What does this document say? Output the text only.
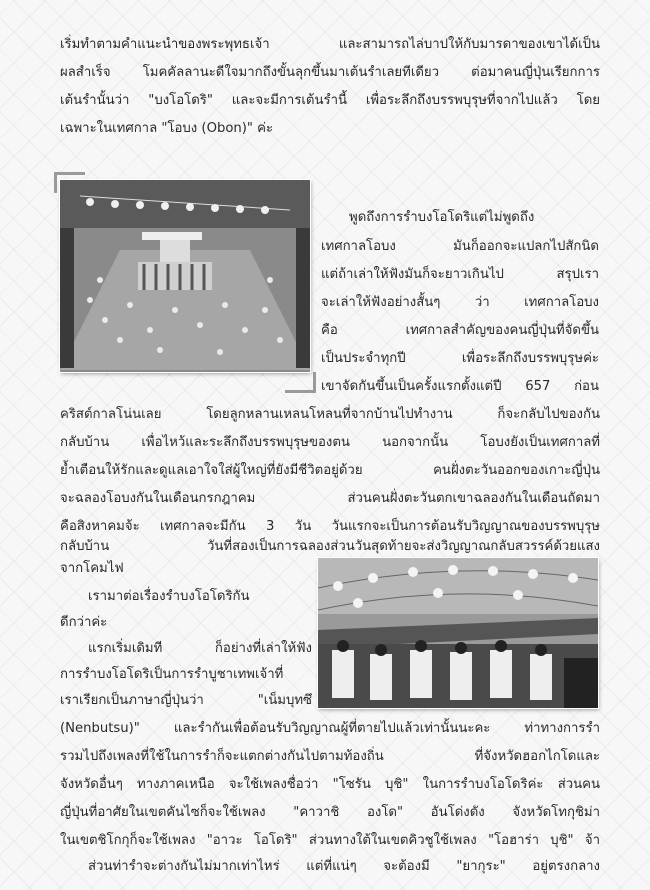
เริ่มทำตามคำแนะนำของพระพุทธเจ้า และสามารถไล่บาปให้กับมารดาของเขาได้เป็น
ผลสำเร็จ โมคคัลลานะดีใจมากถึงขั้นลุกขึ้นมาเต้นรำเลยทีเดียว ต่อมาคนญี่ปุ่นเรียกการ
เต้นรำนั้นว่า "บงโอโดริ" และจะมีการเต้นรำนี้ เพื่อระลึกถึงบรรพบุรุษที่จากไปแล้ว โดย
เฉพาะในเทศกาล "โอบง (Obon)" ค่ะ
พูดถึงการรำบงโอโดริแต่ไม่พูดถึง
เทศกาลโอบง มันก็ออกจะแปลกไปสักนิด
แต่ถ้าเล่าให้ฟังมันก็จะยาวเกินไป สรุปเรา
จะเล่าให้ฟังอย่างสั้นๆ ว่า เทศกาลโอบง
คือ เทศกาลสำคัญของคนญี่ปุ่นที่จัดขึ้น
เป็นประจำทุกปี เพื่อระลึกถึงบรรพบุรุษค่ะ
เขาจัดกันขึ้นเป็นครั้งแรกตั้งแต่ปี 657 ก่อน
คริสต์กาลโน่นเลย โดยลูกหลานเหลนโหลนที่จากบ้านไปทำงาน ก็จะกลับไปของกัน
กลับบ้าน เพื่อไหว้และระลึกถึงบรรพบุรุษของตน นอกจากนั้น โอบงยังเป็นเทศกาลที่
ย้ำเตือนให้รักและดูแลเอาใจใส่ผู้ใหญ่ที่ยังมีชีวิตอยู่ด้วย คนฝั่งตะวันออกของเกาะญี่ปุ่น
จะฉลองโอบงกันในเดือนกรกฎาคม ส่วนคนฝั่งตะวันตกเขาฉลองกันในเดือนถัดมา
คือสิงหาคมจ้ะ เทศกาลจะมีกัน 3 วัน วันแรกจะเป็นการต้อนรับวิญญาณของบรรพบุรุษ
กลับบ้าน วันที่สองเป็นการฉลองส่วนวันสุดท้ายจะส่งวิญญาณกลับสวรรค์ด้วยแสง
จากโคมไฟ
เรามาต่อเรื่องรำบงโอโดริกัน
ดีกว่าค่ะ
แรกเริ่มเดิมที ก็อย่างที่เล่าให้ฟัง
การรำบงโอโดริเป็นการรำบูชาเทพเจ้าที่
เราเรียกเป็นภาษาญี่ปุ่นว่า "เน็มบุทซึ
(Nenbutsu)" และรำกันเพื่อต้อนรับวิญญาณผู้ที่ตายไปแล้วเท่านั้นนะคะ ท่าทางการรำ
รวมไปถึงเพลงที่ใช้ในการรำก็จะแตกต่างกันไปตามท้องถิ่น ที่จังหวัดฮอกไกโดและ
จังหวัดอื่นๆ ทางภาคเหนือ จะใช้เพลงชื่อว่า "โซรัน บุชิ" ในการรำบงโอโดริค่ะ ส่วนคน
ญี่ปุ่นที่อาศัยในเขตคันไซก็จะใช้เพลง "คาวาชิ องโด" อันโด่งดัง จังหวัดโทกุชิม่า
ในเขตชิโกกุก็จะใช้เพลง "อาวะ โอโดริ" ส่วนทางใต้ในเขตคิวชูใช้เพลง "โอฮาร่า บุชิ" จ้า
ส่วนท่ารำจะต่างกันไม่มากเท่าไหร่ แต่ที่แน่ๆ จะต้องมี "ยากุระ" อยู่ตรงกลาง
